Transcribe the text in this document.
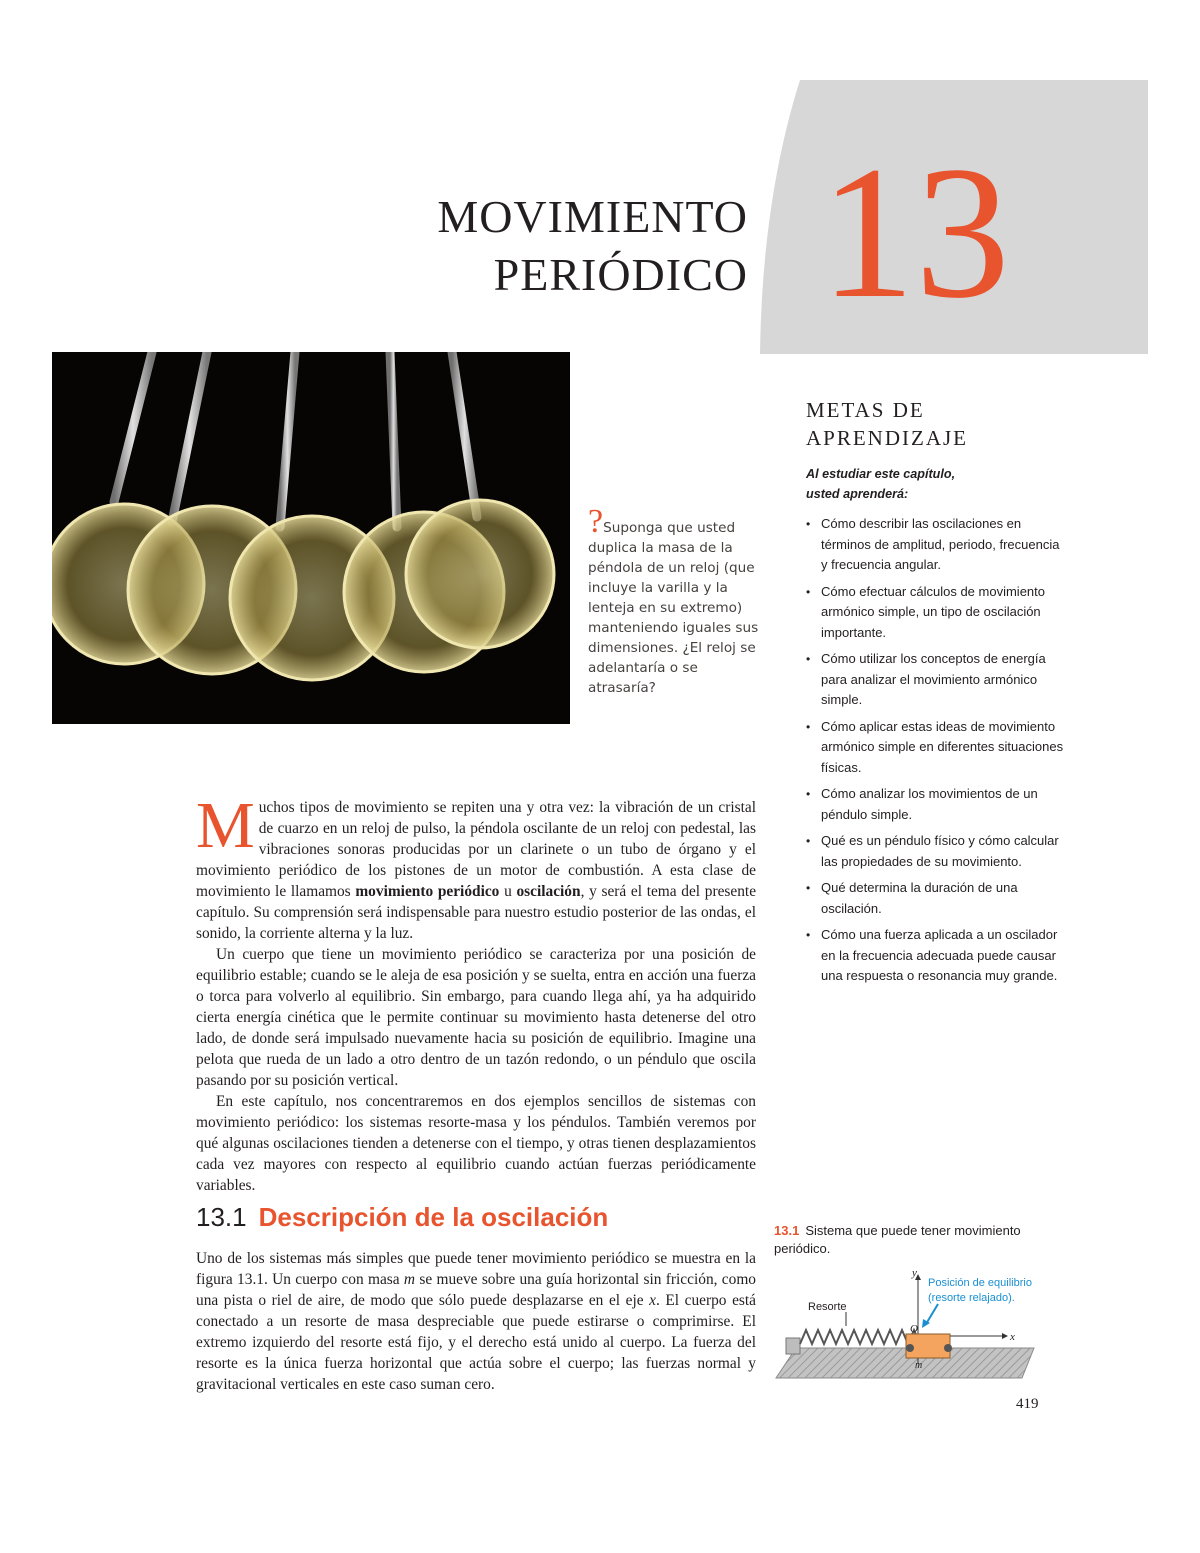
MOVIMIENTO
PERIÓDICO 13
?Suponga que usted duplica la masa de la péndola de un reloj (que incluye la varilla y la lenteja en su extremo) manteniendo iguales sus dimensiones. ¿El reloj se adelantaría o se atrasaría?
METAS DE
APRENDIZAJE

Al estudiar este capítulo,
usted aprenderá:

• Cómo describir las oscilaciones en términos de amplitud, periodo, frecuencia y frecuencia angular.
• Cómo efectuar cálculos de movimiento armónico simple, un tipo de oscilación importante.
• Cómo utilizar los conceptos de energía para analizar el movimiento armónico simple.
• Cómo aplicar estas ideas de movimiento armónico simple en diferentes situaciones físicas.
• Cómo analizar los movimientos de un péndulo simple.
• Qué es un péndulo físico y cómo calcular las propiedades de su movimiento.
• Qué determina la duración de una oscilación.
• Cómo una fuerza aplicada a un oscilador en la frecuencia adecuada puede causar una respuesta o resonancia muy grande.

Muchos tipos de movimiento se repiten una y otra vez: la vibración de un cristal de cuarzo en un reloj de pulso, la péndola oscilante de un reloj con pedestal, las vibraciones sonoras producidas por un clarinete o un tubo de órgano y el movimiento periódico de los pistones de un motor de combustión. A esta clase de movimiento le llamamos movimiento periódico u oscilación, y será el tema del presente capítulo. Su comprensión será indispensable para nuestro estudio posterior de las ondas, el sonido, la corriente alterna y la luz.

Un cuerpo que tiene un movimiento periódico se caracteriza por una posición de equilibrio estable; cuando se le aleja de esa posición y se suelta, entra en acción una fuerza o torca para volverlo al equilibrio. Sin embargo, para cuando llega ahí, ya ha adquirido cierta energía cinética que le permite continuar su movimiento hasta detenerse del otro lado, de donde será impulsado nuevamente hacia su posición de equilibrio. Imagine una pelota que rueda de un lado a otro dentro de un tazón redondo, o un péndulo que oscila pasando por su posición vertical.

En este capítulo, nos concentraremos en dos ejemplos sencillos de sistemas con movimiento periódico: los sistemas resorte-masa y los péndulos. También veremos por qué algunas oscilaciones tienden a detenerse con el tiempo, y otras tienen desplazamientos cada vez mayores con respecto al equilibrio cuando actúan fuerzas periódicamente variables.

13.1 Descripción de la oscilación

Uno de los sistemas más simples que puede tener movimiento periódico se muestra en la figura 13.1. Un cuerpo con masa m se mueve sobre una guía horizontal sin fricción, como una pista o riel de aire, de modo que sólo puede desplazarse en el eje x. El cuerpo está conectado a un resorte de masa despreciable que puede estirarse o comprimirse. El extremo izquierdo del resorte está fijo, y el derecho está unido al cuerpo. La fuerza del resorte es la única fuerza horizontal que actúa sobre el cuerpo; las fuerzas normal y gravitacional verticales en este caso suman cero.

13.1 Sistema que puede tener movimiento periódico.
y
x
Posición de equilibrio
(resorte relajado).
Resorte
O
m
419
